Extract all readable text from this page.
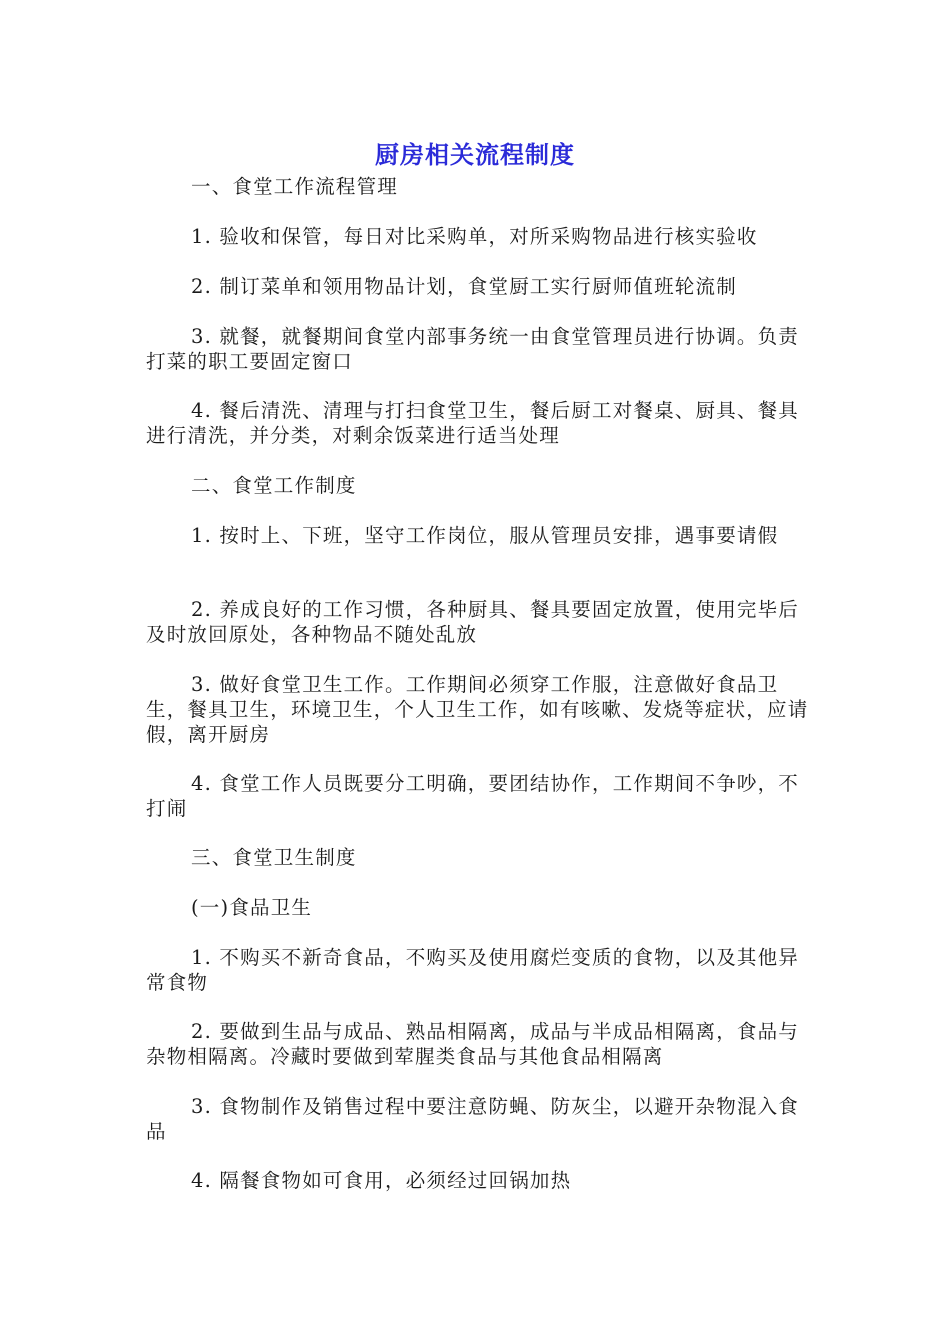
厨房相关流程制度

一、食堂工作流程管理

1. 验收和保管，每日对比采购单，对所采购物品进行核实验收

2. 制订菜单和领用物品计划，食堂厨工实行厨师值班轮流制

3. 就餐，就餐期间食堂内部事务统一由食堂管理员进行协调。负责打菜的职工要固定窗口

4. 餐后清洗、清理与打扫食堂卫生，餐后厨工对餐桌、厨具、餐具进行清洗，并分类，对剩余饭菜进行适当处理

二、食堂工作制度

1. 按时上、下班，坚守工作岗位，服从管理员安排，遇事要请假

2. 养成良好的工作习惯，各种厨具、餐具要固定放置，使用完毕后及时放回原处，各种物品不随处乱放

3. 做好食堂卫生工作。工作期间必须穿工作服，注意做好食品卫生，餐具卫生，环境卫生，个人卫生工作，如有咳嗽、发烧等症状，应请假，离开厨房

4. 食堂工作人员既要分工明确，要团结协作，工作期间不争吵，不打闹

三、食堂卫生制度

(一)食品卫生

1. 不购买不新奇食品，不购买及使用腐烂变质的食物，以及其他异常食物

2. 要做到生品与成品、熟品相隔离，成品与半成品相隔离，食品与杂物相隔离。冷藏时要做到荤腥类食品与其他食品相隔离

3. 食物制作及销售过程中要注意防蝇、防灰尘，以避开杂物混入食品

4. 隔餐食物如可食用，必须经过回锅加热
